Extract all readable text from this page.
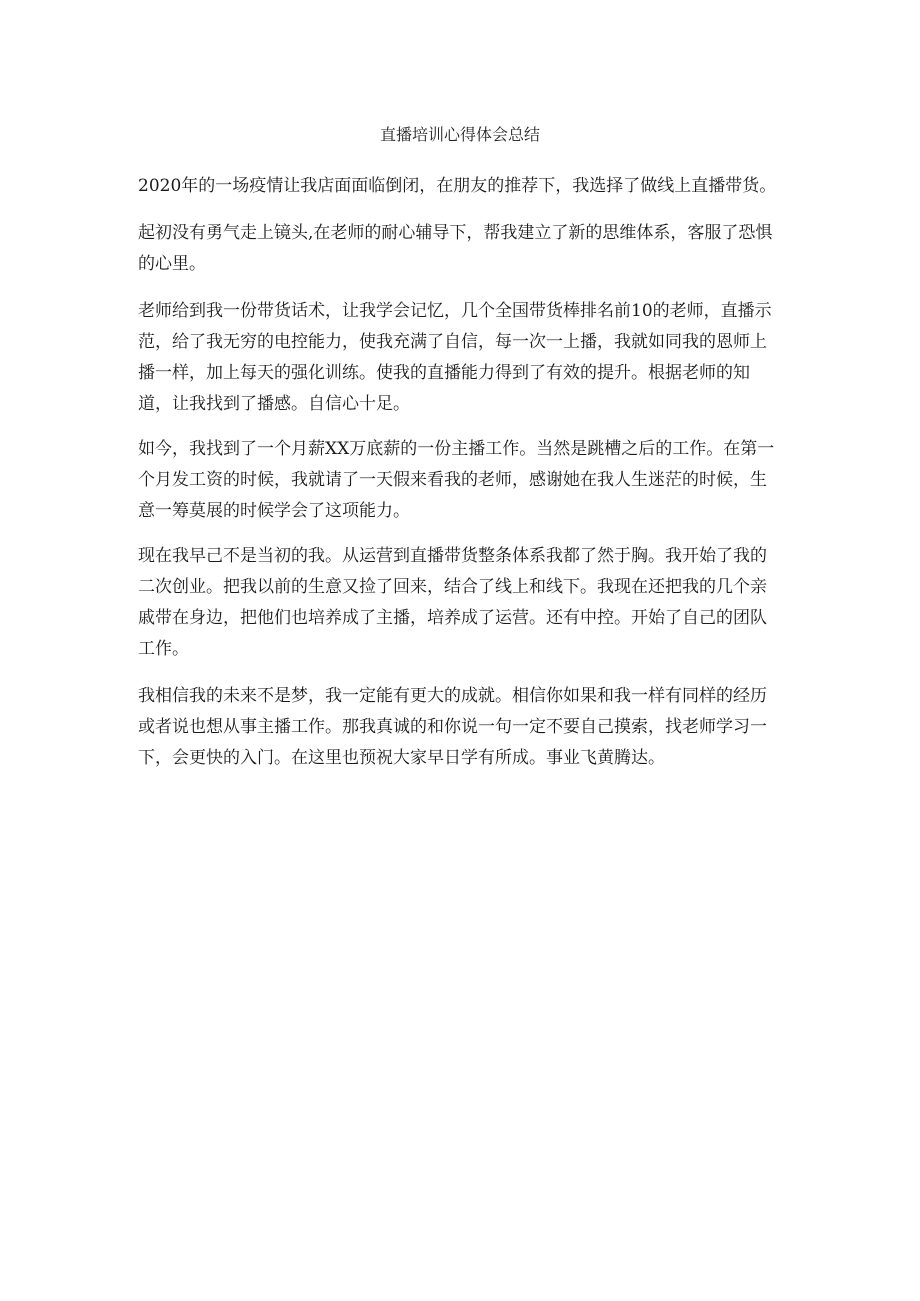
直播培训心得体会总结
2020年的一场疫情让我店面面临倒闭，在朋友的推荐下，我选择了做线上直播带货。
起初没有勇气走上镜头,在老师的耐心辅导下，帮我建立了新的思维体系，客服了恐惧
的心里。
老师给到我一份带货话术，让我学会记忆，几个全国带货棒排名前10的老师，直播示
范，给了我无穷的电控能力，使我充满了自信，每一次一上播，我就如同我的恩师上
播一样，加上每天的强化训练。使我的直播能力得到了有效的提升。根据老师的知
道，让我找到了播感。自信心十足。
如今，我找到了一个月薪XX万底薪的一份主播工作。当然是跳槽之后的工作。在第一
个月发工资的时候，我就请了一天假来看我的老师，感谢她在我人生迷茫的时候，生
意一筹莫展的时候学会了这项能力。
现在我早己不是当初的我。从运营到直播带货整条体系我都了然于胸。我开始了我的
二次创业。把我以前的生意又捡了回来，结合了线上和线下。我现在还把我的几个亲
戚带在身边，把他们也培养成了主播，培养成了运营。还有中控。开始了自己的团队
工作。
我相信我的未来不是梦，我一定能有更大的成就。相信你如果和我一样有同样的经历
或者说也想从事主播工作。那我真诚的和你说一句一定不要自己摸索，找老师学习一
下，会更快的入门。在这里也预祝大家早日学有所成。事业飞黄腾达。
